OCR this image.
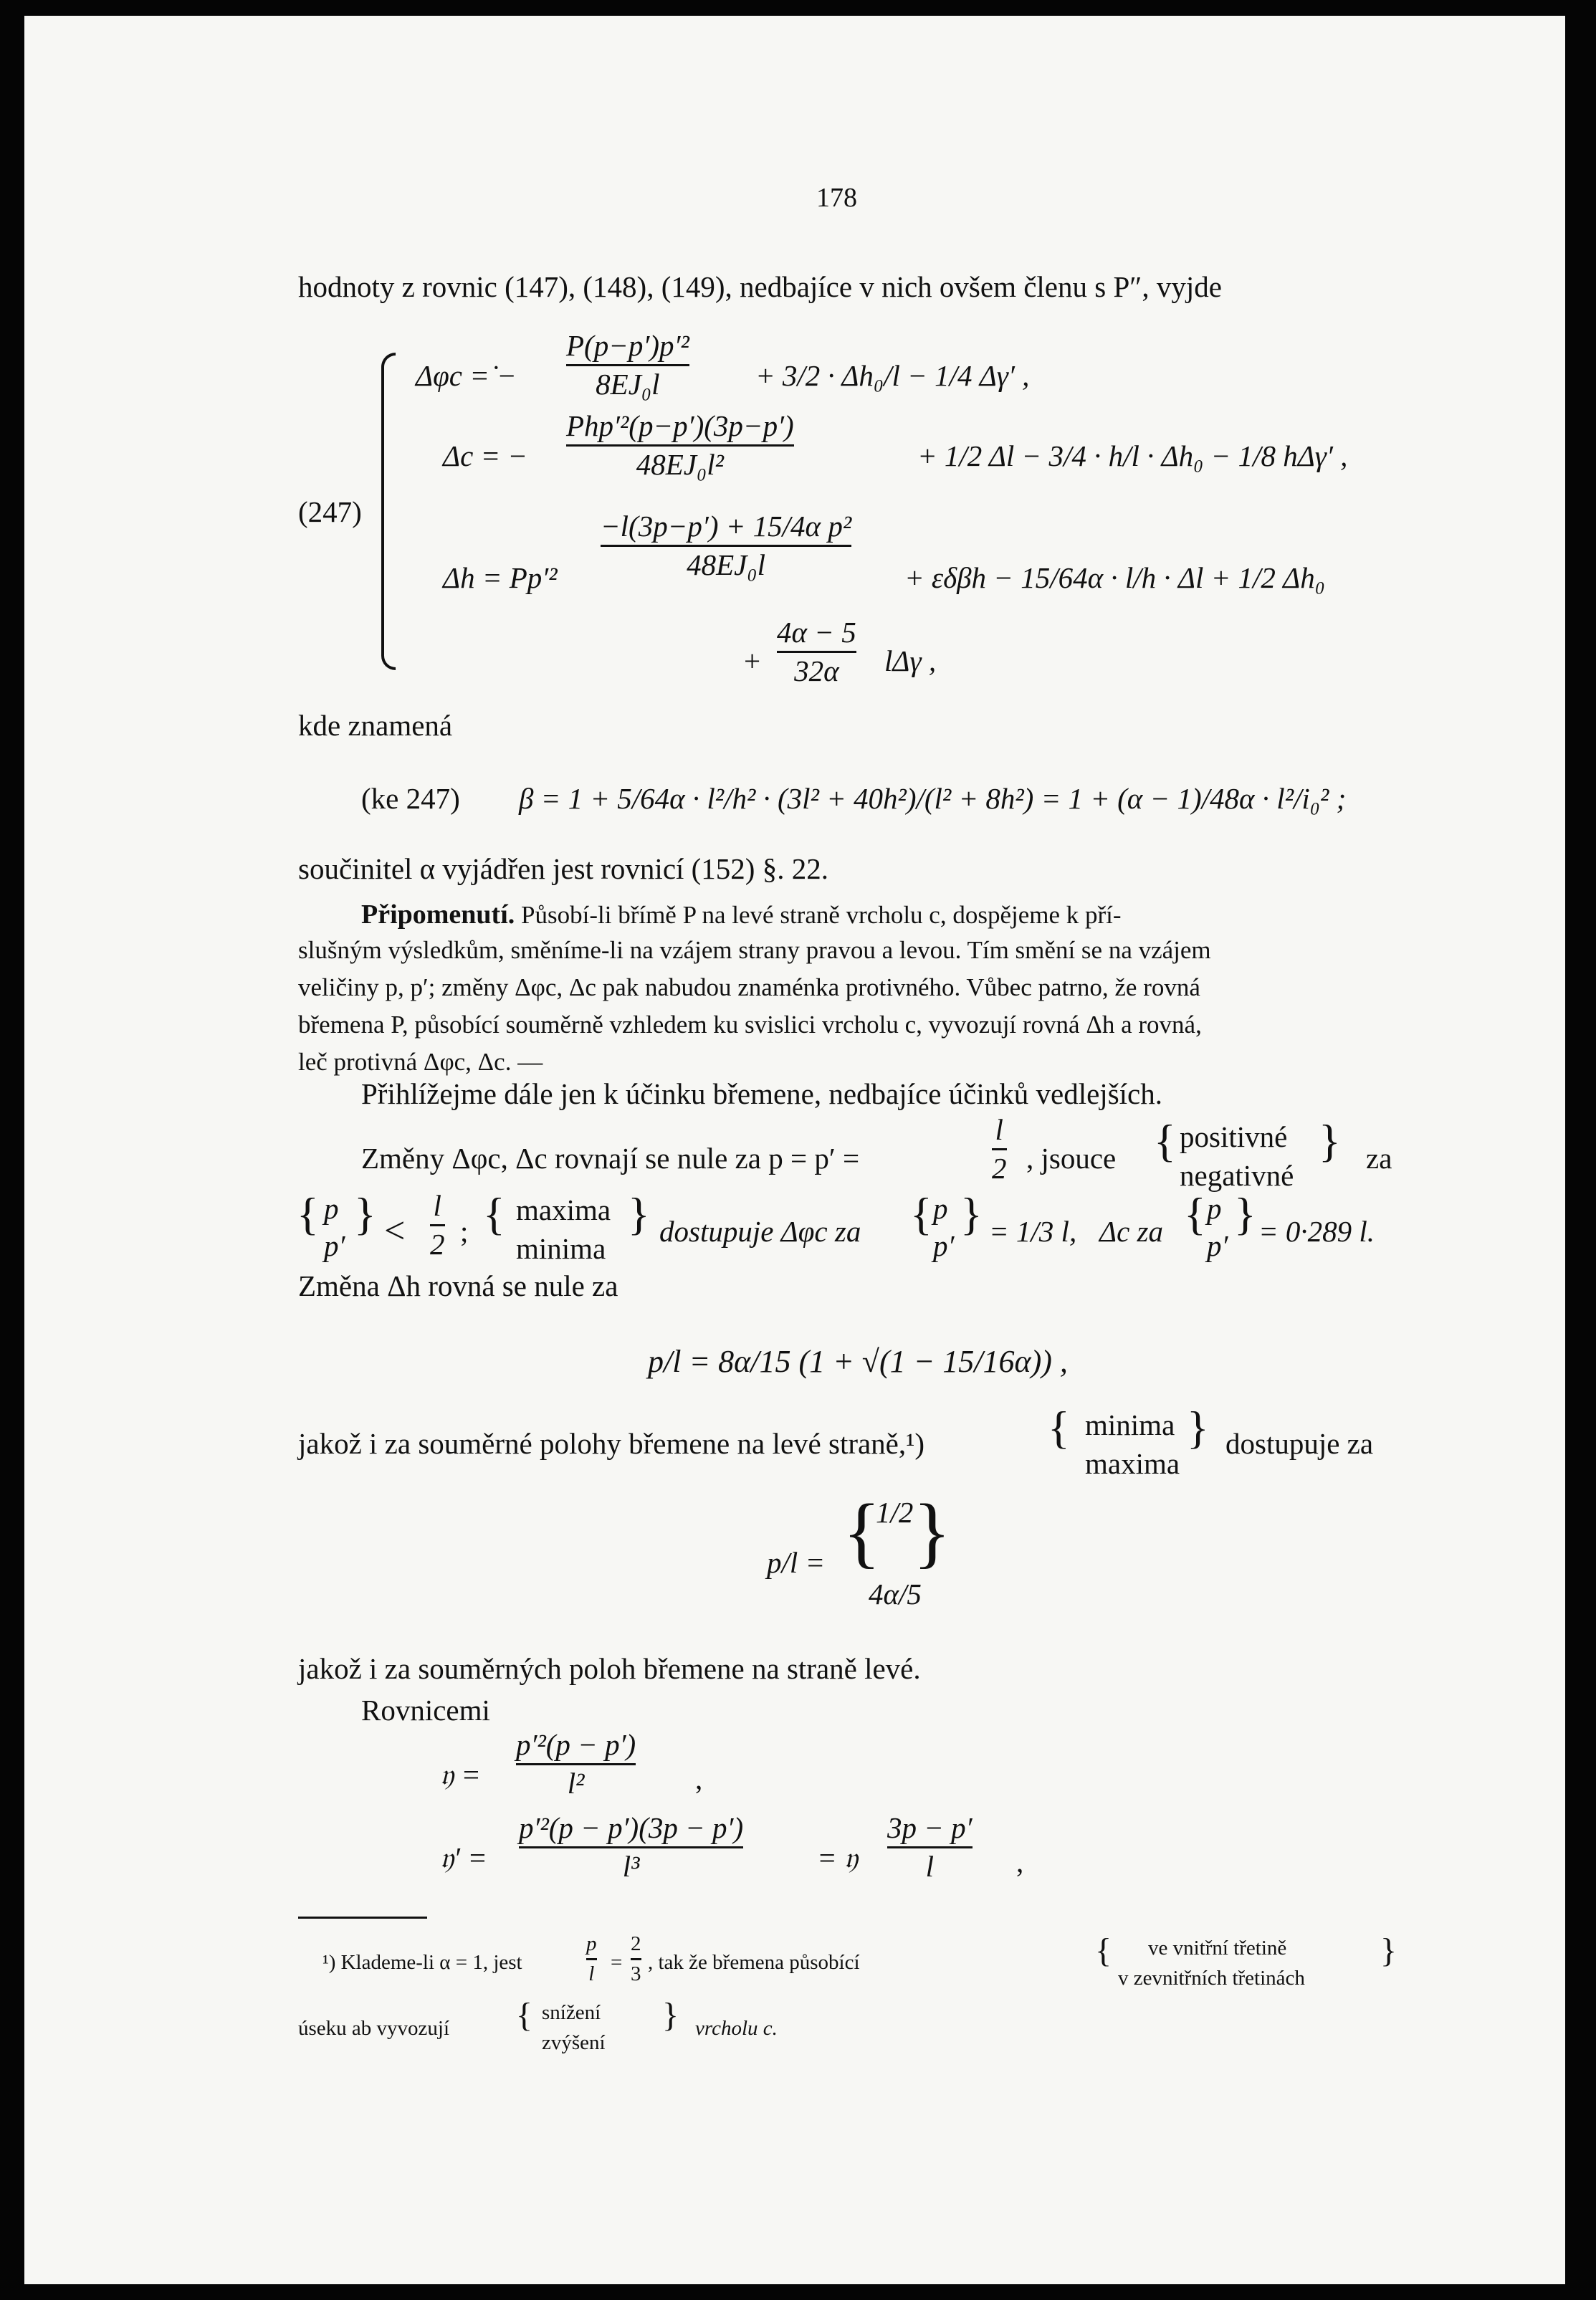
178
hodnoty z rovnic (147), (148), (149), nedbajíce v nich ovšem členu s P″, vyjde
(247)
Δφc =̇ −
P(p−p′)p′²
8EJ₀l	+ 3/2 · Δh₀/l − 1/4 Δγ′ ,
Δc = −
Php′²(p−p′)(3p−p′)
48EJ₀l²	+ 1/2 Δl − 3/4 · h/l · Δh₀ − 1/8 hΔγ′ ,
Δh = Pp′²
−l(3p−p′) + 15/4α p²
48EJ₀l	+ εδβh − 15/64α · l/h · Δl + 1/2 Δh₀
+
4α − 5
32α lΔγ ,
kde znamená
(ke 247) β = 1 + 5/64α · l²/h² · (3l² + 40h²)/(l² + 8h²) = 1 + (α − 1)/48α · l²/i₀² ;
součinitel α vyjádřen jest rovnicí (152) §. 22.
Připomenutí. Působí-li břímě P na levé straně vrcholu c, dospějeme k pří-
slušným výsledkům, směníme-li na vzájem strany pravou a levou. Tím smění se na vzájem
veličiny p, p′; změny Δφc, Δc pak nabudou znaménka protivného. Vůbec patrno, že rovná
břemena P, působící souměrně vzhledem ku svislici vrcholu c, vyvozují rovná Δh a rovná,
leč protivná Δφc, Δc. —
Přihlížejme dále jen k účinku břemene, nedbajíce účinků vedlejších.
Změny Δφc, Δc rovnají se nule za p = p′ =
l
2 , jsouce { positivné
negativné
} za
{ p
p′
} <
l
2 ; { maxima
minima
} dostupuje Δφc za { p
p′
} = 1/3 l, Δc za { p
p′
} = 0·289 l.
Změna Δh rovná se nule za
p/l = 8α/15 (1 + √(1 − 15/16α)) ,
jakož i za souměrné polohy břemene na levé straně,¹)	{ minima
maxima
} dostupuje za
p/l = {
1/2
4α/5
}
jakož i za souměrných poloh břemene na straně levé.
Rovnicemi
𝔶 =
p′²(p − p′)
l²	,
𝔶′ =
p′²(p − p′)(3p − p′)
l³	= 𝔶
3p − p′
l	,
¹) Klademe-li α = 1, jest
p
l =
2
3 , tak že břemena působící	{ ve vnitřní třetině
v zevnitřních třetinách
}
úseku ab vyvozují { snížení
zvýšení
} vrcholu c.
